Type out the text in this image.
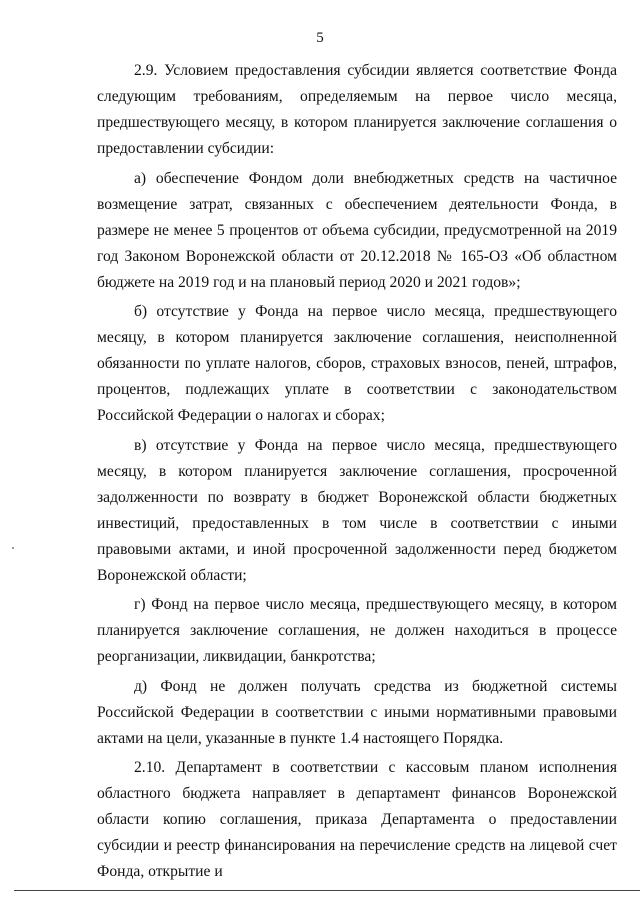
5

2.9. Условием предоставления субсидии является соответствие Фонда следующим требованиям, определяемым на первое число месяца, предшествующего месяцу, в котором планируется заключение соглашения о предоставлении субсидии:

а) обеспечение Фондом доли внебюджетных средств на частичное возмещение затрат, связанных с обеспечением деятельности Фонда, в размере не менее 5 процентов от объема субсидии, предусмотренной на 2019 год Законом Воронежской области от 20.12.2018 № 165-ОЗ «Об областном бюджете на 2019 год и на плановый период 2020 и 2021 годов»;

б) отсутствие у Фонда на первое число месяца, предшествующего месяцу, в котором планируется заключение соглашения, неисполненной обязанности по уплате налогов, сборов, страховых взносов, пеней, штрафов, процентов, подлежащих уплате в соответствии с законодательством Российской Федерации о налогах и сборах;

в) отсутствие у Фонда на первое число месяца, предшествующего месяцу, в котором планируется заключение соглашения, просроченной задолженности по возврату в бюджет Воронежской области бюджетных инвестиций, предоставленных в том числе в соответствии с иными правовыми актами, и иной просроченной задолженности перед бюджетом Воронежской области;

г) Фонд на первое число месяца, предшествующего месяцу, в котором планируется заключение соглашения, не должен находиться в процессе реорганизации, ликвидации, банкротства;

д) Фонд не должен получать средства из бюджетной системы Российской Федерации в соответствии с иными нормативными правовыми актами на цели, указанные в пункте 1.4 настоящего Порядка.

2.10. Департамент в соответствии с кассовым планом исполнения областного бюджета направляет в департамент финансов Воронежской области копию соглашения, приказа Департамента о предоставлении субсидии и реестр финансирования на перечисление средств на лицевой счет Фонда, открытие и
